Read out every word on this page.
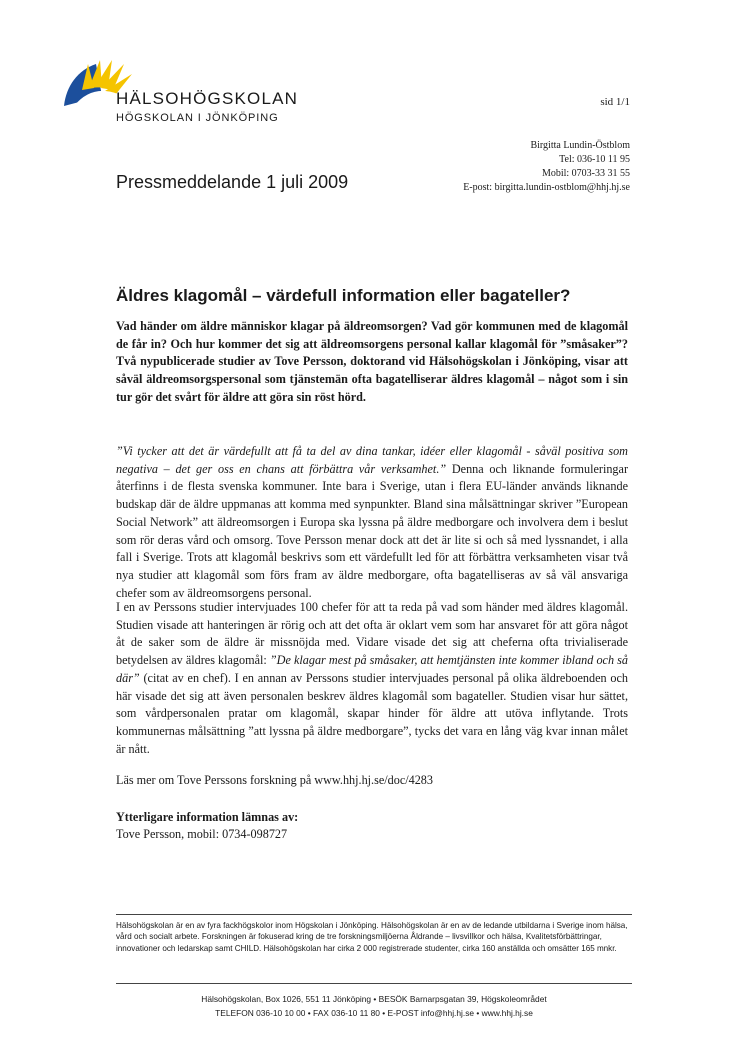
HÄLSOHÖGSKOLAN
HÖGSKOLAN I JÖNKÖPING
sid 1/1
Birgitta Lundin-Östblom
Tel: 036-10 11 95
Mobil: 0703-33 31 55
E-post: birgitta.lundin-ostblom@hhj.hj.se
Pressmeddelande 1 juli 2009
Äldres klagomål – värdefull information eller bagateller?

Vad händer om äldre människor klagar på äldreomsorgen? Vad gör kommunen med de klagomål de får in? Och hur kommer det sig att äldreomsorgens personal kallar klagomål för ”småsaker”? Två nypublicerade studier av Tove Persson, doktorand vid Hälsohögskolan i Jönköping, visar att såväl äldreomsorgspersonal som tjänstemän ofta bagatelliserar äldres klagomål – något som i sin tur gör det svårt för äldre att göra sin röst hörd.

”Vi tycker att det är värdefullt att få ta del av dina tankar, idéer eller klagomål - såväl positiva som negativa – det ger oss en chans att förbättra vår verksamhet.” Denna och liknande formuleringar återfinns i de flesta svenska kommuner. Inte bara i Sverige, utan i flera EU-länder används liknande budskap där de äldre uppmanas att komma med synpunkter. Bland sina målsättningar skriver ”European Social Network” att äldreomsorgen i Europa ska lyssna på äldre medborgare och involvera dem i beslut som rör deras vård och omsorg. Tove Persson menar dock att det är lite si och så med lyssnandet, i alla fall i Sverige. Trots att klagomål beskrivs som ett värdefullt led för att förbättra verksamheten visar två nya studier att klagomål som förs fram av äldre medborgare, ofta bagatelliseras av så väl ansvariga chefer som av äldreomsorgens personal.

I en av Perssons studier intervjuades 100 chefer för att ta reda på vad som händer med äldres klagomål. Studien visade att hanteringen är rörig och att det ofta är oklart vem som har ansvaret för att göra något åt de saker som de äldre är missnöjda med. Vidare visade det sig att cheferna ofta trivialiserade betydelsen av äldres klagomål: ”De klagar mest på småsaker, att hemtjänsten inte kommer ibland och så där” (citat av en chef). I en annan av Perssons studier intervjuades personal på olika äldreboenden och här visade det sig att även personalen beskrev äldres klagomål som bagateller. Studien visar hur sättet, som vårdpersonalen pratar om klagomål, skapar hinder för äldre att utöva inflytande. Trots kommunernas målsättning ”att lyssna på äldre medborgare”, tycks det vara en lång väg kvar innan målet är nått.

Läs mer om Tove Perssons forskning på www.hhj.hj.se/doc/4283

Ytterligare information lämnas av:

Tove Persson, mobil: 0734-098727

Hälsohögskolan är en av fyra fackhögskolor inom Högskolan i Jönköping. Hälsohögskolan är en av de ledande utbildarna i Sverige inom hälsa, vård och socialt arbete. Forskningen är fokuserad kring de tre forskningsmiljöerna Åldrande – livsvillkor och hälsa, Kvalitetsförbättringar, innovationer och ledarskap samt CHILD. Hälsohögskolan har cirka 2 000 registrerade studenter, cirka 160 anställda och omsätter 165 mnkr.
Hälsohögskolan, Box 1026, 551 11 Jönköping • BESÖK Barnarpsgatan 39, Högskoleområdet
TELEFON 036-10 10 00 • FAX 036-10 11 80 • E-POST info@hhj.hj.se • www.hhj.hj.se
